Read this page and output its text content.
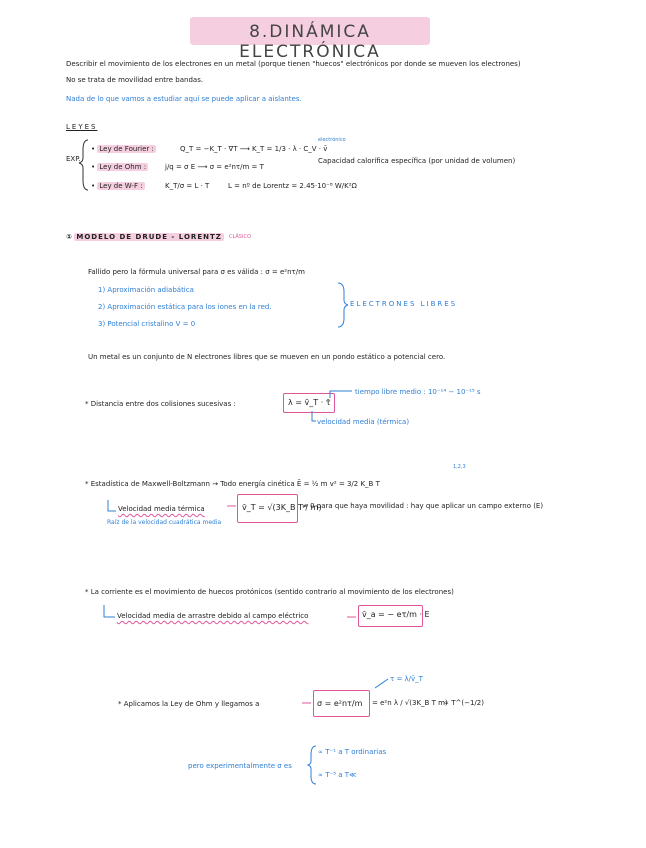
8.DINÁMICA ELECTRÓNICA
Describir el movimiento de los electrones en un metal (porque tienen "huecos" electrónicos por donde se mueven los electrones)
No se trata de movilidad entre bandas.
Nada de lo que vamos a estudiar aquí se puede aplicar a aislantes.
LEYES
EXP.
• Ley de Fourier :	Q_T = −K_T · ∇T ⟶ K_T = 1/3 · λ · C_V · v̄
electrónico
Capacidad calorífica específica (por unidad de volumen)
• Ley de Ohm :	j/q = σ E ⟶ σ = e²nτ/m = T
• Ley de W-F :	K_T/σ = L · T	L = nº de Lorentz = 2.45·10⁻⁸ W/K²Ω
① MODELO DE DRUDE - LORENTZ	CLÁSICO
Fallido pero la fórmula universal para σ es válida : σ = e²nτ/m
1) Aproximación adiabática
2) Aproximación estática para los iones en la red.
3) Potencial cristalino V = 0
ELECTRONES LIBRES
Un metal es un conjunto de N electrones libres que se mueven en un pondo estático a potencial cero.
tiempo libre medio : 10⁻¹⁴ − 10⁻¹⁵ s
* Distancia entre dos colisiones sucesivas :	λ = v̄_T · τ̄
velocidad media (térmica)
* Estadística de Maxwell-Boltzmann → Todo energía cinética Ē = ½ m v² = 3/2 K_B T
1,2,3
Velocidad media térmica	v̄_T = √(3K_B T / m)
≠ 0 para que haya movilidad : hay que aplicar un campo externo (E)
Raíz de la velocidad cuadrática media
* La corriente es el movimiento de huecos protónicos (sentido contrario al movimiento de los electrones)
Velocidad media de arrastre debido al campo eléctrico	v̄_a = − eτ/m · E
τ = λ/v̄_T
* Aplicamos la Ley de Ohm y llegamos a	σ = e²nτ/m = e²n λ / √(3K_B T m)
∝ T^(−1/2)
pero experimentalmente σ es
∝ T⁻¹ a T ordinarias
∝ T⁻⁵ a T≪
